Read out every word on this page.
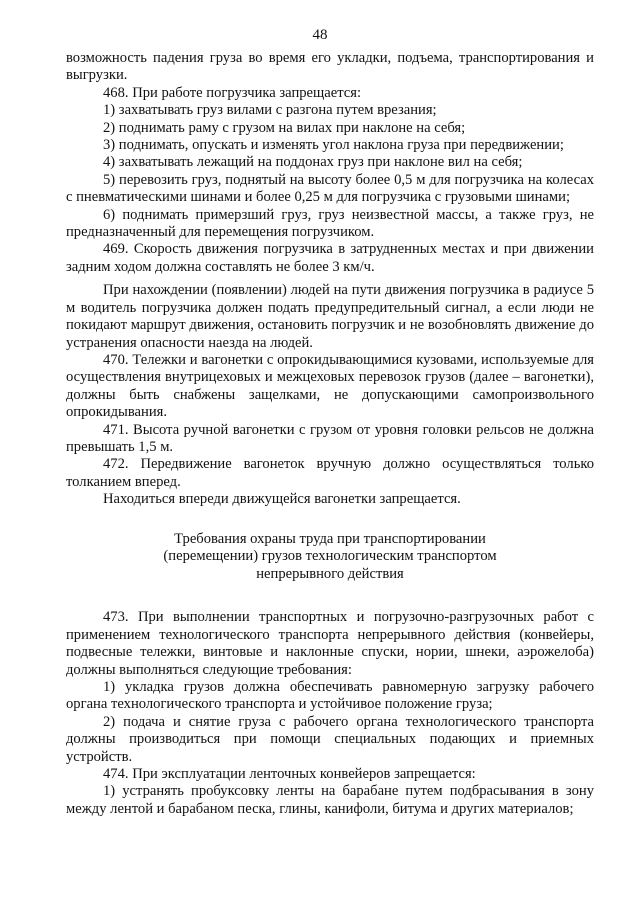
48

возможность падения груза во время его укладки, подъема, транспортирования и выгрузки.

468. При работе погрузчика запрещается:

1) захватывать груз вилами с разгона путем врезания;

2) поднимать раму с грузом на вилах при наклоне на себя;

3) поднимать, опускать и изменять угол наклона груза при передвижении;

4) захватывать лежащий на поддонах груз при наклоне вил на себя;

5) перевозить груз, поднятый на высоту более 0,5 м для погрузчика на колесах с пневматическими шинами и более 0,25 м для погрузчика с грузовыми шинами;

6) поднимать примерзший груз, груз неизвестной массы, а также груз, не предназначенный для перемещения погрузчиком.

469. Скорость движения погрузчика в затрудненных местах и при движении задним ходом должна составлять не более 3 км/ч.

При нахождении (появлении) людей на пути движения погрузчика в радиусе 5 м водитель погрузчика должен подать предупредительный сигнал, а если люди не покидают маршрут движения, остановить погрузчик и не возобновлять движение до устранения опасности наезда на людей.

470. Тележки и вагонетки с опрокидывающимися кузовами, используемые для осуществления внутрицеховых и межцеховых перевозок грузов (далее – вагонетки), должны быть снабжены защелками, не допускающими самопроизвольного опрокидывания.

471. Высота ручной вагонетки с грузом от уровня головки рельсов не должна превышать 1,5 м.

472. Передвижение вагонеток вручную должно осуществляться только толканием вперед.

Находиться впереди движущейся вагонетки запрещается.

Требования охраны труда при транспортировании
(перемещении) грузов технологическим транспортом
непрерывного действия

473. При выполнении транспортных и погрузочно-разгрузочных работ с применением технологического транспорта непрерывного действия (конвейеры, подвесные тележки, винтовые и наклонные спуски, нории, шнеки, аэрожелоба) должны выполняться следующие требования:

1) укладка грузов должна обеспечивать равномерную загрузку рабочего органа технологического транспорта и устойчивое положение груза;

2) подача и снятие груза с рабочего органа технологического транспорта должны производиться при помощи специальных подающих и приемных устройств.

474. При эксплуатации ленточных конвейеров запрещается:

1) устранять пробуксовку ленты на барабане путем подбрасывания в зону между лентой и барабаном песка, глины, канифоли, битума и других материалов;
